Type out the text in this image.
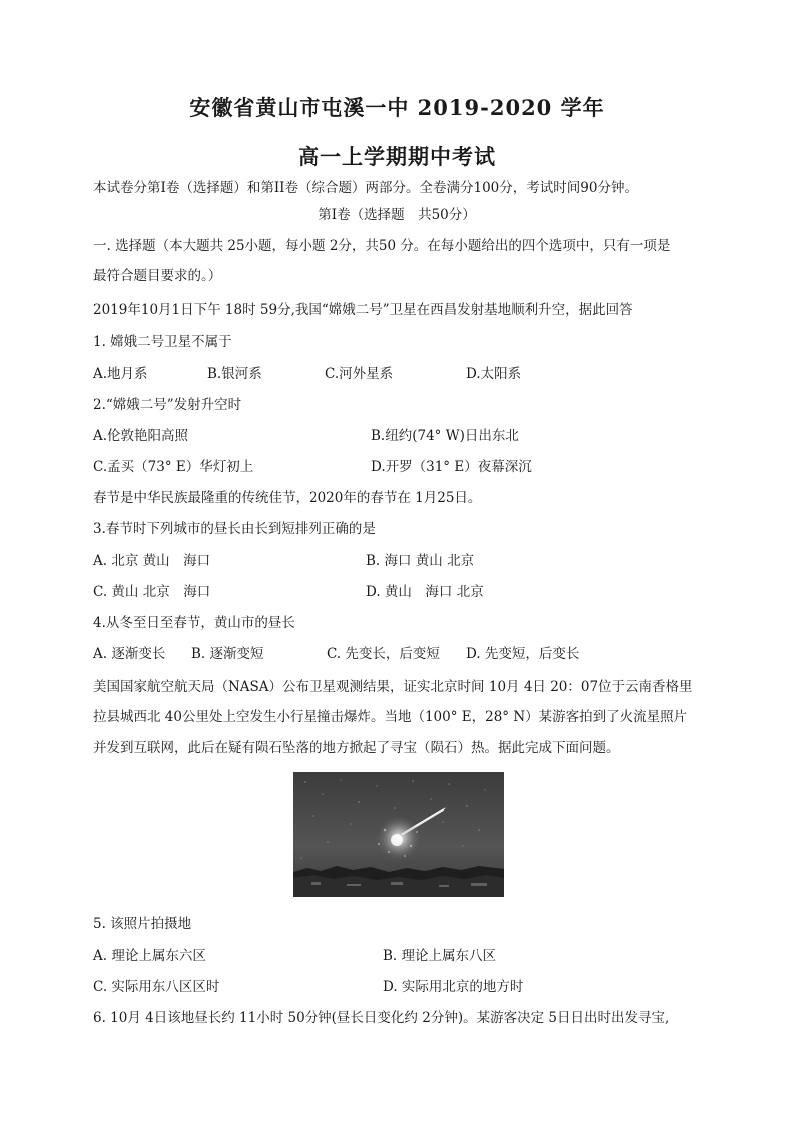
安徽省黄山市屯溪一中 2019-2020 学年
高一上学期期中考试

本试卷分第Ⅰ卷（选择题）和第II卷（综合题）两部分。全卷满分100分，考试时间90分钟。

第Ⅰ卷（选择题　共50分）

一. 选择题（本大题共 25小题，每小题 2分，共50 分。在每小题给出的四个选项中，只有一项是

最符合题目要求的。）

2019年10月1日下午 18时 59分,我国“嫦娥二号”卫星在西昌发射基地顺利升空，据此回答

1. 嫦娥二号卫星不属于

A.地月系	B.银河系	C.河外星系	D.太阳系

2.“嫦娥二号”发射升空时

A.伦敦艳阳高照	B.纽约(74° W)日出东北
C.孟买（73° E）华灯初上	D.开罗（31° E）夜幕深沉

春节是中华民族最隆重的传统佳节，2020年的春节在 1月25日。

3.春节时下列城市的昼长由长到短排列正确的是

A. 北京 黄山　海口	B. 海口 黄山 北京
C. 黄山 北京　海口	D. 黄山　海口 北京

4.从冬至日至春节，黄山市的昼长

A. 逐渐变长 B. 逐渐变短	C. 先变长，后变短 D. 先变短，后变长

美国国家航空航天局（NASA）公布卫星观测结果，证实北京时间 10月 4日 20：07位于云南香格里

拉县城西北 40公里处上空发生小行星撞击爆炸。当地（100° E，28° N）某游客拍到了火流星照片

并发到互联网，此后在疑有陨石坠落的地方掀起了寻宝（陨石）热。据此完成下面问题。

5. 该照片拍摄地

A. 理论上属东六区	B. 理论上属东八区
C. 实际用东八区区时	D. 实际用北京的地方时

6. 10月 4日该地昼长约 11小时 50分钟(昼长日变化约 2分钟)。某游客决定 5日日出时出发寻宝,
